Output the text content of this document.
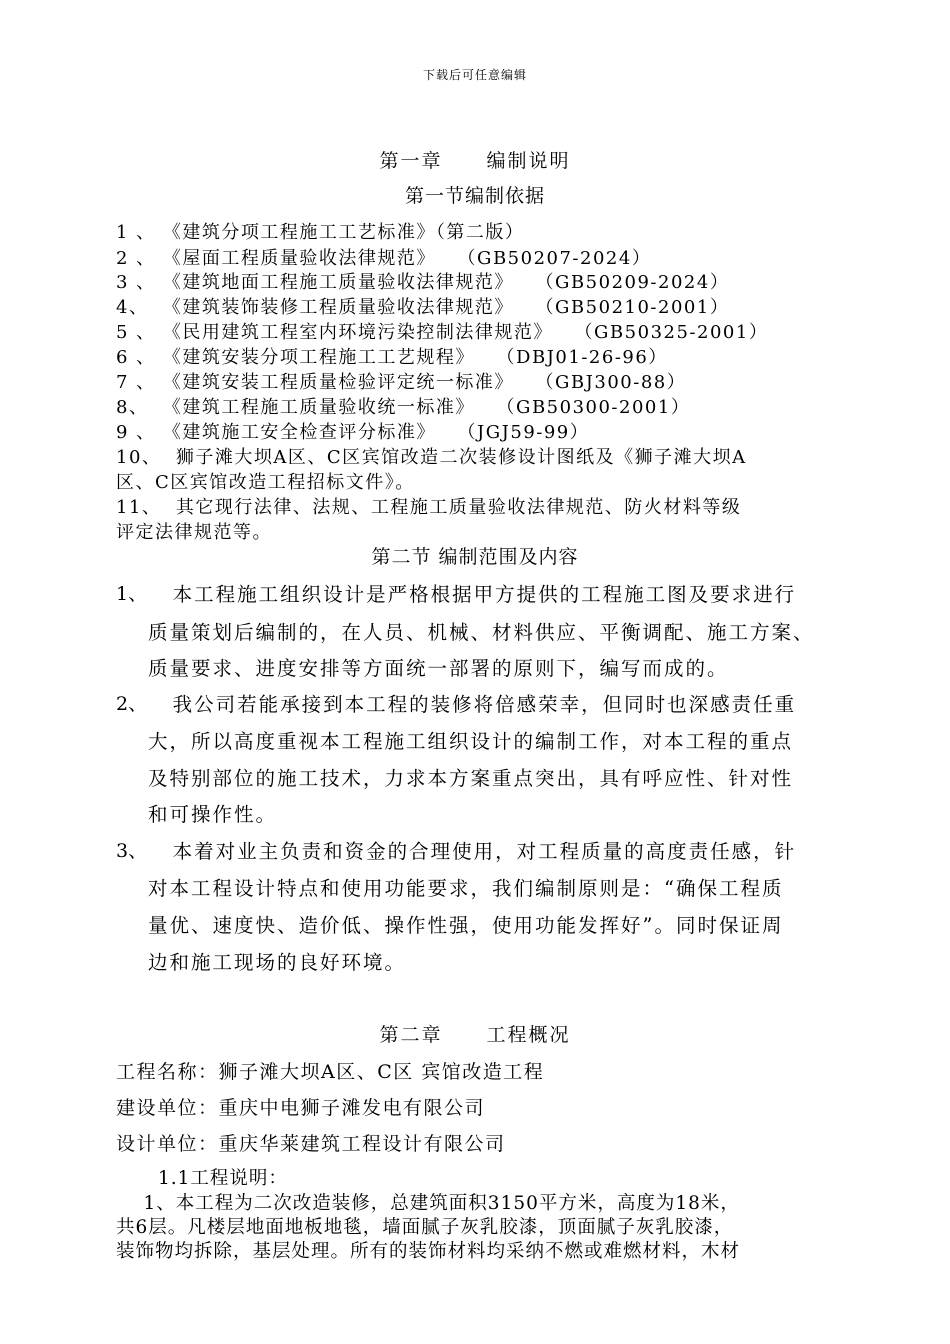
下载后可任意编辑
第一章 编制说明
第一节编制依据
1 、 《建筑分项工程施工工艺标准》（第二版）
2 、 《屋面工程质量验收法律规范》   （GB50207-2024）
3 、 《建筑地面工程施工质量验收法律规范》   （GB50209-2024）
4、  《建筑装饰装修工程质量验收法律规范》   （GB50210-2001）
5 、 《民用建筑工程室内环境污染控制法律规范》   （GB50325-2001）
6 、 《建筑安装分项工程施工工艺规程》   （DBJ01-26-96）
7 、 《建筑安装工程质量检验评定统一标准》   （GBJ300-88）
8、  《建筑工程施工质量验收统一标准》   （GB50300-2001）
9 、 《建筑施工安全检查评分标准》   （JGJ59-99）
10、  狮子滩大坝A区、C区宾馆改造二次装修设计图纸及《狮子滩大坝A
区、C区宾馆改造工程招标文件》。
11、  其它现行法律、法规、工程施工质量验收法律规范、防火材料等级
评定法律规范等。
第二节 编制范围及内容
1、 本工程施工组织设计是严格根据甲方提供的工程施工图及要求进行
质量策划后编制的，在人员、机械、材料供应、平衡调配、施工方案、
质量要求、进度安排等方面统一部署的原则下，编写而成的。
2、 我公司若能承接到本工程的装修将倍感荣幸，但同时也深感责任重
大，所以高度重视本工程施工组织设计的编制工作，对本工程的重点
及特别部位的施工技术，力求本方案重点突出，具有呼应性、针对性
和可操作性。
3、 本着对业主负责和资金的合理使用，对工程质量的高度责任感，针
对本工程设计特点和使用功能要求，我们编制原则是：“确保工程质
量优、速度快、造价低、操作性强，使用功能发挥好”。同时保证周
边和施工现场的良好环境。
第二章 工程概况
工程名称：狮子滩大坝A区、C区 宾馆改造工程
建设单位：重庆中电狮子滩发电有限公司
设计单位：重庆华莱建筑工程设计有限公司
1.1工程说明：
1、本工程为二次改造装修，总建筑面积3150平方米，高度为18米，
共6层。凡楼层地面地板地毯，墙面腻子灰乳胶漆，顶面腻子灰乳胶漆，
装饰物均拆除，基层处理。所有的装饰材料均采纳不燃或难燃材料，木材
